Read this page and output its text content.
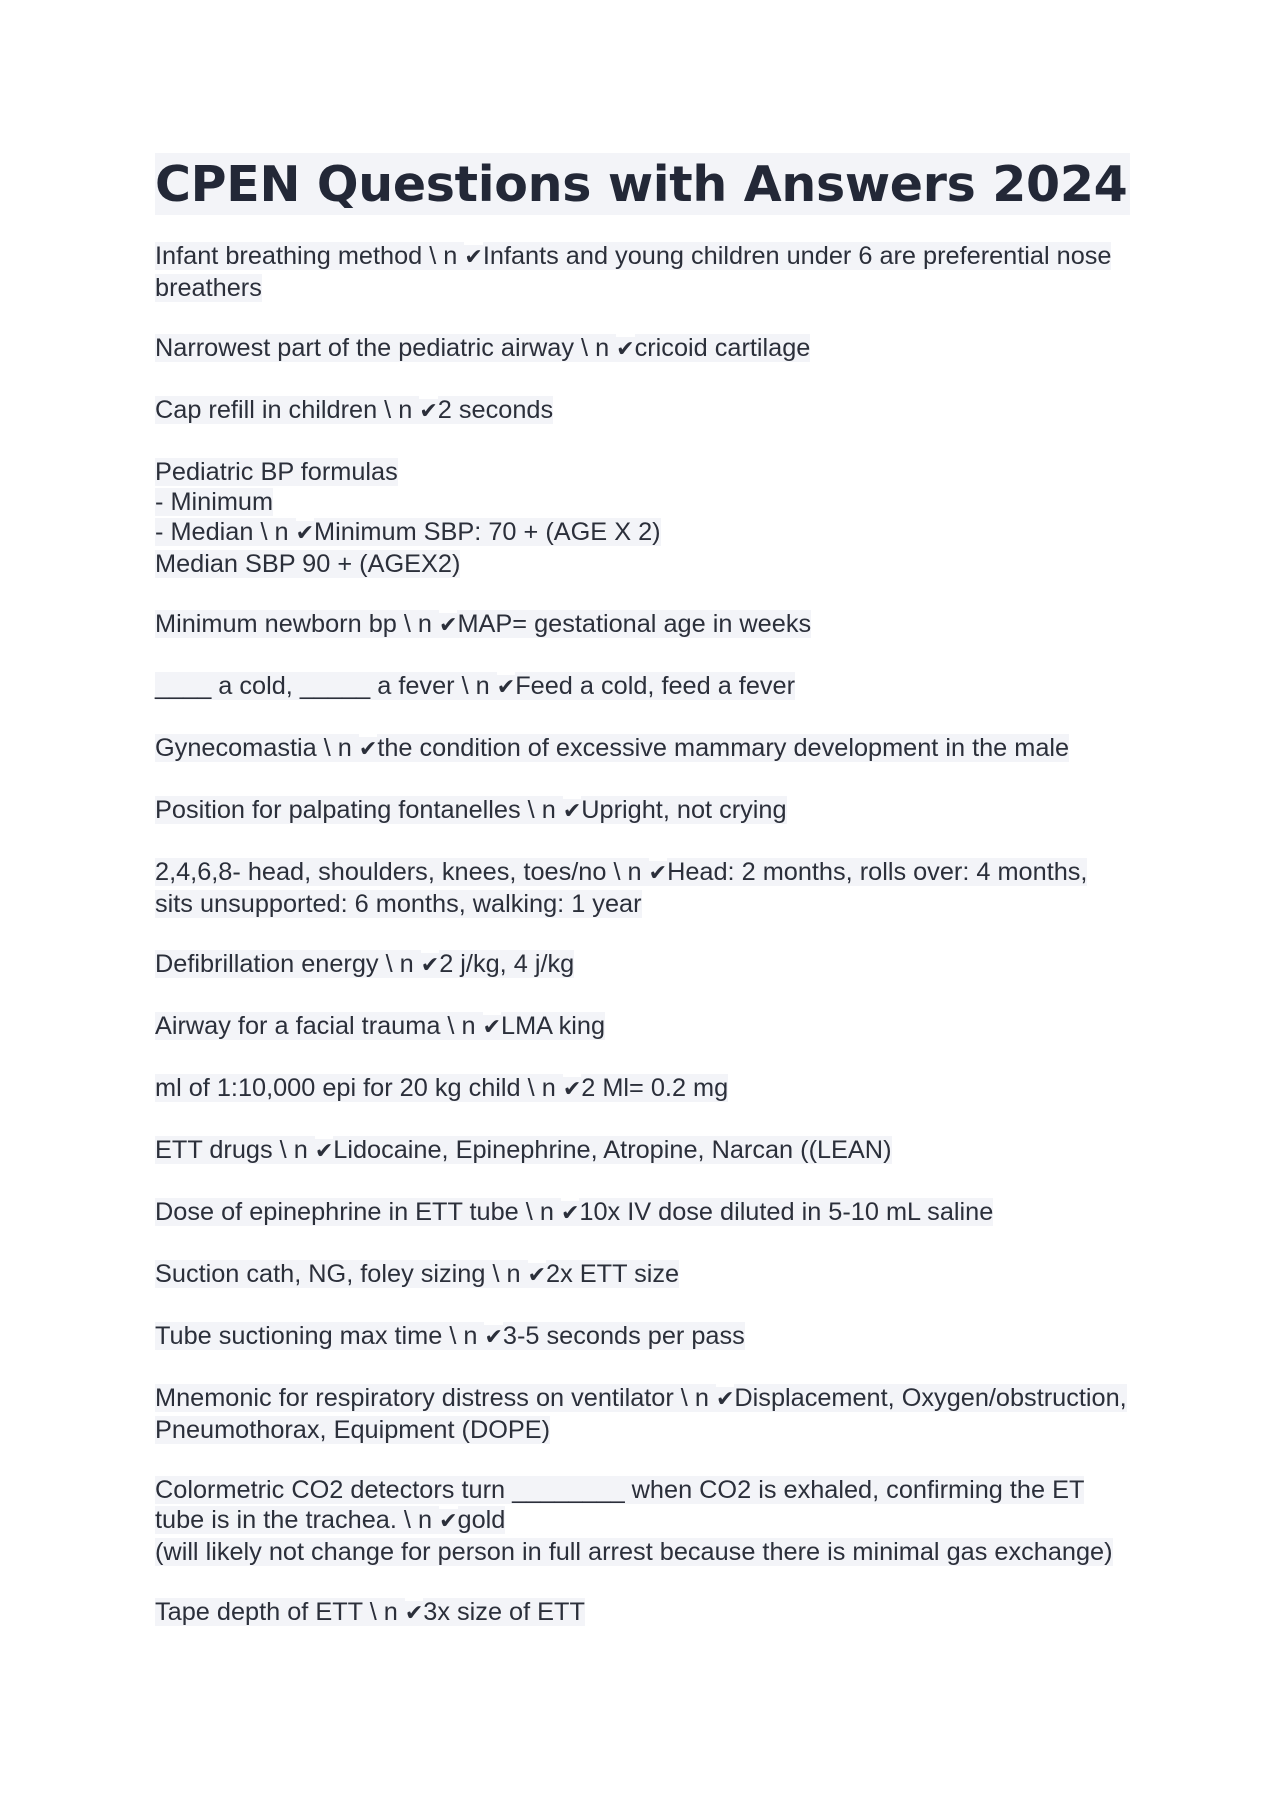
CPEN Questions with Answers 2024
Infant breathing method \ n ✔Infants and young children under 6 are preferential nose breathers
Narrowest part of the pediatric airway \ n ✔cricoid cartilage
Cap refill in children \ n ✔2 seconds
Pediatric BP formulas
- Minimum
- Median \ n ✔Minimum SBP: 70 + (AGE X 2)
Median SBP 90 + (AGEX2)
Minimum newborn bp \ n ✔MAP= gestational age in weeks
____ a cold, _____ a fever \ n ✔Feed a cold, feed a fever
Gynecomastia \ n ✔the condition of excessive mammary development in the male
Position for palpating fontanelles \ n ✔Upright, not crying
2,4,6,8- head, shoulders, knees, toes/no \ n ✔Head: 2 months, rolls over: 4 months, sits unsupported: 6 months, walking: 1 year
Defibrillation energy \ n ✔2 j/kg, 4 j/kg
Airway for a facial trauma \ n ✔LMA king
ml of 1:10,000 epi for 20 kg child \ n ✔2 Ml= 0.2 mg
ETT drugs \ n ✔Lidocaine, Epinephrine, Atropine, Narcan ((LEAN)
Dose of epinephrine in ETT tube \ n ✔10x IV dose diluted in 5-10 mL saline
Suction cath, NG, foley sizing \ n ✔2x ETT size
Tube suctioning max time \ n ✔3-5 seconds per pass
Mnemonic for respiratory distress on ventilator \ n ✔Displacement, Oxygen/obstruction, Pneumothorax, Equipment (DOPE)
Colormetric CO2 detectors turn ________ when CO2 is exhaled, confirming the ET tube is in the trachea. \ n ✔gold
(will likely not change for person in full arrest because there is minimal gas exchange)
Tape depth of ETT \ n ✔3x size of ETT
